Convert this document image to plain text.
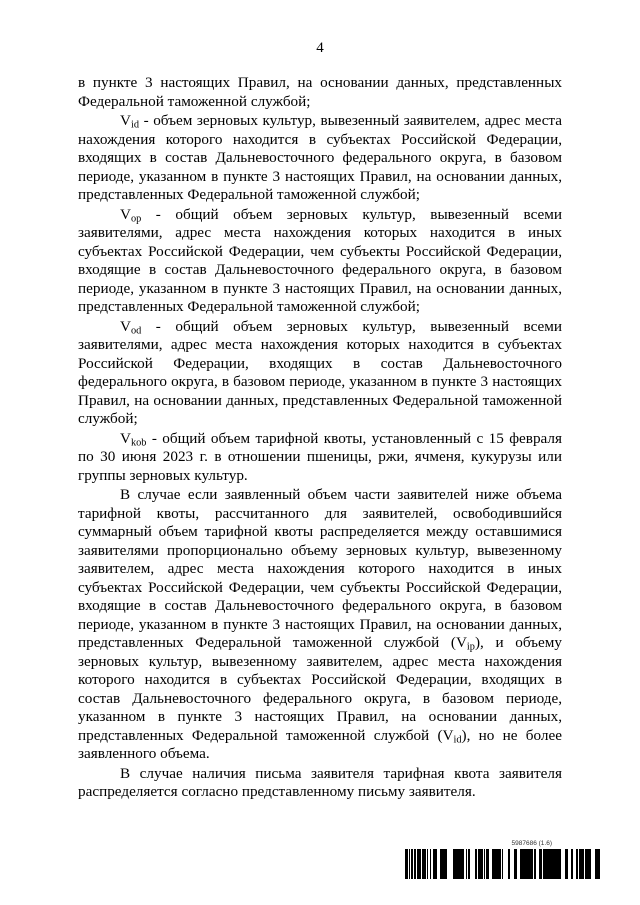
4

в пункте 3 настоящих Правил, на основании данных, представленных Федеральной таможенной службой;

$V_{id}$ - объем зерновых культур, вывезенный заявителем, адрес места нахождения которого находится в субъектах Российской Федерации, входящих в состав Дальневосточного федерального округа, в базовом периоде, указанном в пункте 3 настоящих Правил, на основании данных, представленных Федеральной таможенной службой;

$V_{op}$ - общий объем зерновых культур, вывезенный всеми заявителями, адрес места нахождения которых находится в иных субъектах Российской Федерации, чем субъекты Российской Федерации, входящие в состав Дальневосточного федерального округа, в базовом периоде, указанном в пункте 3 настоящих Правил, на основании данных, представленных Федеральной таможенной службой;

$V_{od}$ - общий объем зерновых культур, вывезенный всеми заявителями, адрес места нахождения которых находится в субъектах Российской Федерации, входящих в состав Дальневосточного федерального округа, в базовом периоде, указанном в пункте 3 настоящих Правил, на основании данных, представленных Федеральной таможенной службой;

$V_{kob}$ - общий объем тарифной квоты, установленный с 15 февраля по 30 июня 2023 г. в отношении пшеницы, ржи, ячменя, кукурузы или группы зерновых культур.

В случае если заявленный объем части заявителей ниже объема тарифной квоты, рассчитанного для заявителей, освободившийся суммарный объем тарифной квоты распределяется между оставшимися заявителями пропорционально объему зерновых культур, вывезенному заявителем, адрес места нахождения которого находится в иных субъектах Российской Федерации, чем субъекты Российской Федерации, входящие в состав Дальневосточного федерального округа, в базовом периоде, указанном в пункте 3 настоящих Правил, на основании данных, представленных Федеральной таможенной службой $(V_{ip})$, и объему зерновых культур, вывезенному заявителем, адрес места нахождения которого находится в субъектах Российской Федерации, входящих в состав Дальневосточного федерального округа, в базовом периоде, указанном в пункте 3 настоящих Правил, на основании данных, представленных Федеральной таможенной службой $(V_{id})$, но не более заявленного объема.

В случае наличия письма заявителя тарифная квота заявителя распределяется согласно представленному письму заявителя.

5987686 (1.6)
